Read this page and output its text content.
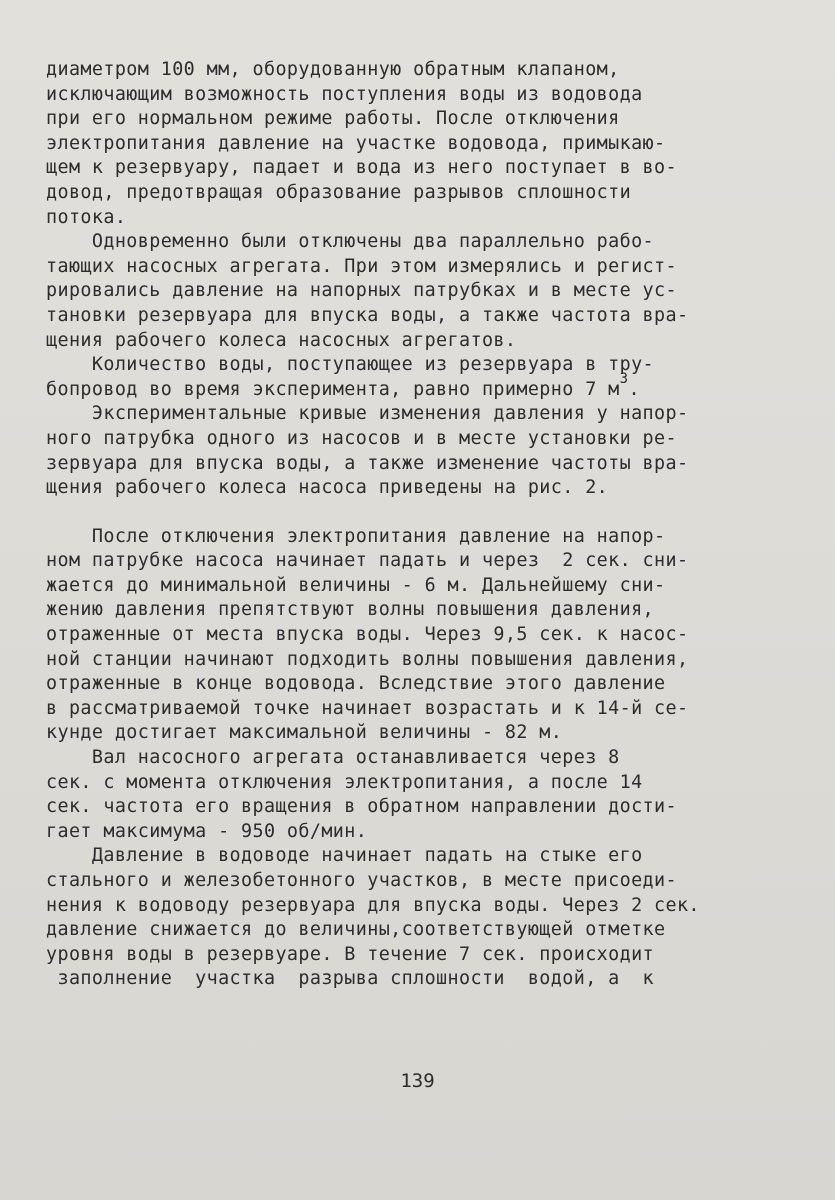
диаметром 100 мм, оборудованную обратным клапаном,
исключающим возможность поступления воды из водовода
при его нормальном режиме работы. После отключения
электропитания давление на участке водовода, примыкаю-
щем к резервуару, падает и вода из него поступает в во-
довод, предотвращая образование разрывов сплошности
потока.
Одновременно были отключены два параллельно рабо-
тающих насосных агрегата. При этом измерялись и регист-
рировались давление на напорных патрубках и в месте ус-
тановки резервуара для впуска воды, а также частота вра-
щения рабочего колеса насосных агрегатов.
Количество воды, поступающее из резервуара в тру-
бопровод во время эксперимента, равно примерно 7 $м^3$.
Экспериментальные кривые изменения давления у напор-
ного патрубка одного из насосов и в месте установки ре-
зервуара для впуска воды, а также изменение частоты вра-
щения рабочего колеса насоса приведены на рис. 2.
После отключения электропитания давление на напор-
ном патрубке насоса начинает падать и через  2 сек. сни-
жается до минимальной величины - 6 м. Дальнейшему сни-
жению давления препятствуют волны повышения давления,
отраженные от места впуска воды. Через 9,5 сек. к насос-
ной станции начинают подходить волны повышения давления,
отраженные в конце водовода. Вследствие этого давление
в рассматриваемой точке начинает возрастать и к 14-й се-
кунде достигает максимальной величины - 82 м.
Вал насосного агрегата останавливается через 8
сек. с момента отключения электропитания, а после 14
сек. частота его вращения в обратном направлении дости-
гает максимума - 950 об/мин.
Давление в водоводе начинает падать на стыке его
стального и железобетонного участков, в месте присоеди-
нения к водоводу резервуара для впуска воды. Через 2 сек.
давление снижается до величины,соответствующей отметке
уровня воды в резервуаре. В течение 7 сек. происходит
заполнение  участка  разрыва сплошности  водой, а  к
139
